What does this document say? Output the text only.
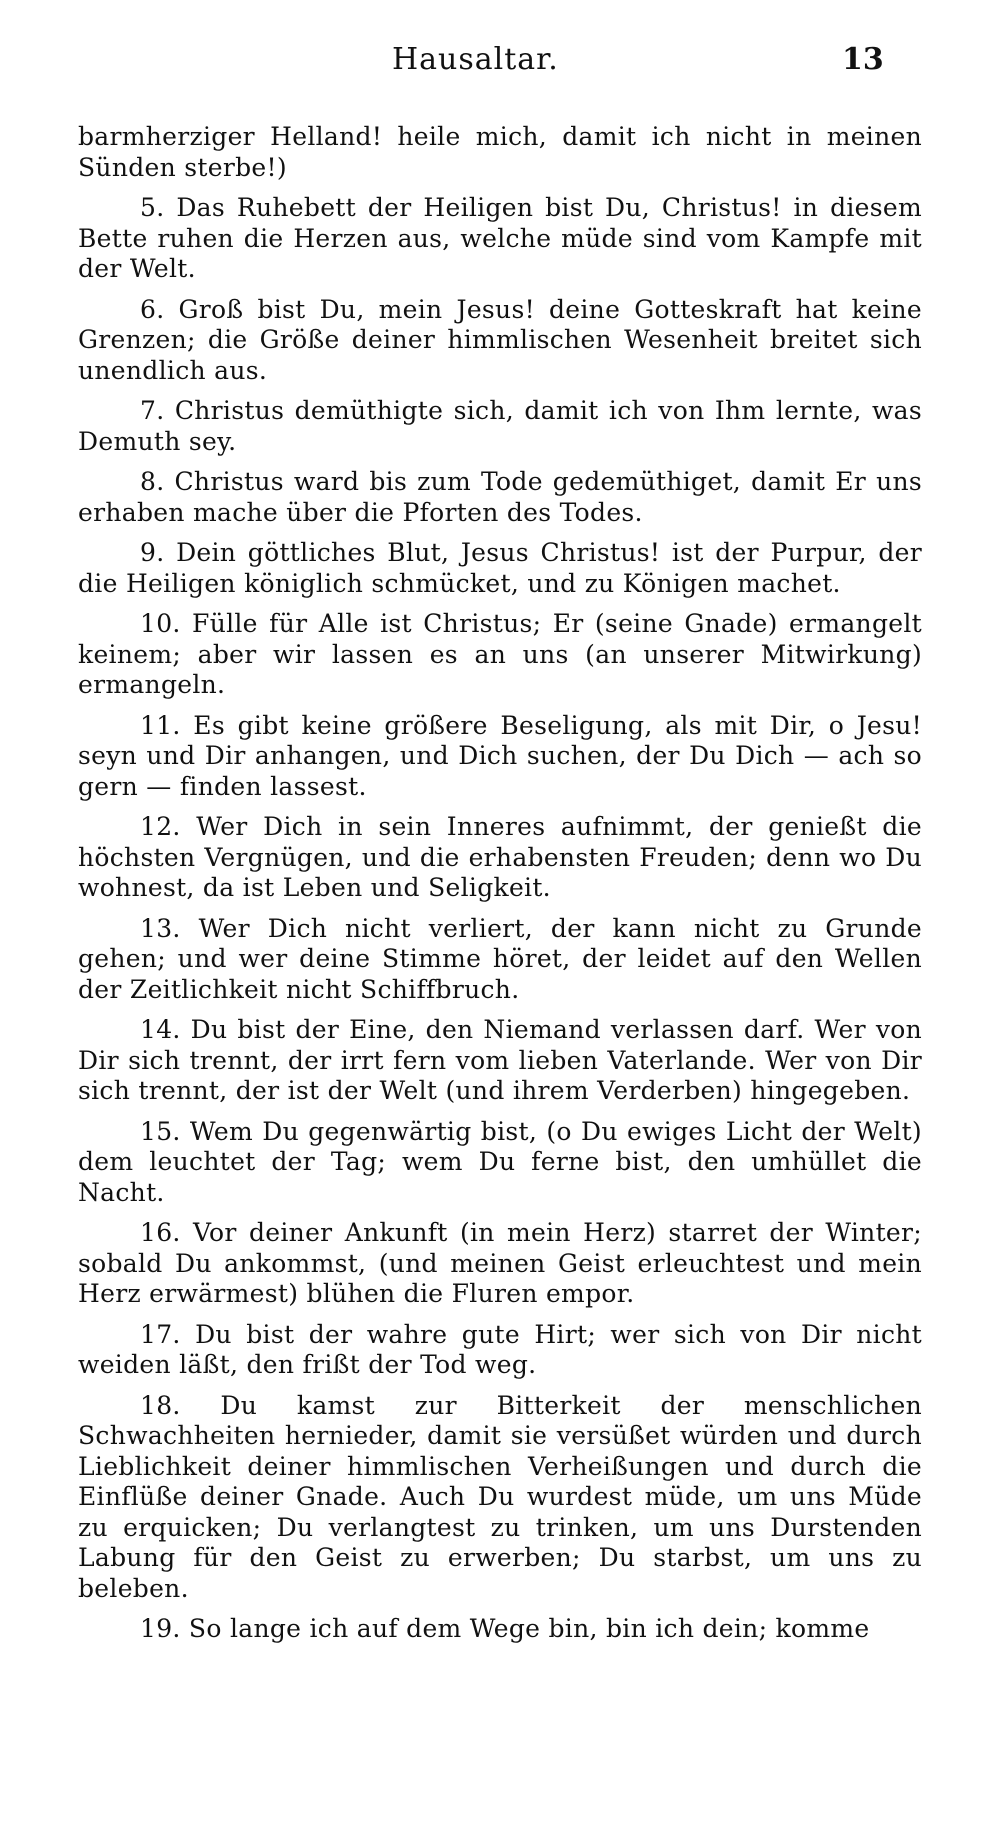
Hausaltar.	13

barmherziger Helland! heile mich, damit ich nicht in meinen Sünden sterbe!)

5. Das Ruhebett der Heiligen bist Du, Christus! in diesem Bette ruhen die Herzen aus, welche müde sind vom Kampfe mit der Welt.

6. Groß bist Du, mein Jesus! deine Gotteskraft hat keine Grenzen; die Größe deiner himmlischen Wesenheit breitet sich unendlich aus.

7. Christus demüthigte sich, damit ich von Ihm lernte, was Demuth sey.

8. Christus ward bis zum Tode gedemüthiget, damit Er uns erhaben mache über die Pforten des Todes.

9. Dein göttliches Blut, Jesus Christus! ist der Purpur, der die Heiligen königlich schmücket, und zu Königen machet.

10. Fülle für Alle ist Christus; Er (seine Gnade) ermangelt keinem; aber wir lassen es an uns (an unserer Mitwirkung) ermangeln.

11. Es gibt keine größere Beseligung, als mit Dir, o Jesu! seyn und Dir anhangen, und Dich suchen, der Du Dich — ach so gern — finden lassest.

12. Wer Dich in sein Inneres aufnimmt, der genießt die höchsten Vergnügen, und die erhabensten Freuden; denn wo Du wohnest, da ist Leben und Seligkeit.

13. Wer Dich nicht verliert, der kann nicht zu Grunde gehen; und wer deine Stimme höret, der leidet auf den Wellen der Zeitlichkeit nicht Schiffbruch.

14. Du bist der Eine, den Niemand verlassen darf. Wer von Dir sich trennt, der irrt fern vom lieben Vaterlande. Wer von Dir sich trennt, der ist der Welt (und ihrem Verderben) hingegeben.

15. Wem Du gegenwärtig bist, (o Du ewiges Licht der Welt) dem leuchtet der Tag; wem Du ferne bist, den umhüllet die Nacht.

16. Vor deiner Ankunft (in mein Herz) starret der Winter; sobald Du ankommst, (und meinen Geist erleuchtest und mein Herz erwärmest) blühen die Fluren empor.

17. Du bist der wahre gute Hirt; wer sich von Dir nicht weiden läßt, den frißt der Tod weg.

18. Du kamst zur Bitterkeit der menschlichen Schwachheiten hernieder, damit sie versüßet würden und durch Lieblichkeit deiner himmlischen Verheißungen und durch die Einflüße deiner Gnade. Auch Du wurdest müde, um uns Müde zu erquicken; Du verlangtest zu trinken, um uns Durstenden Labung für den Geist zu erwerben; Du starbst, um uns zu beleben.

19. So lange ich auf dem Wege bin, bin ich dein; komme
